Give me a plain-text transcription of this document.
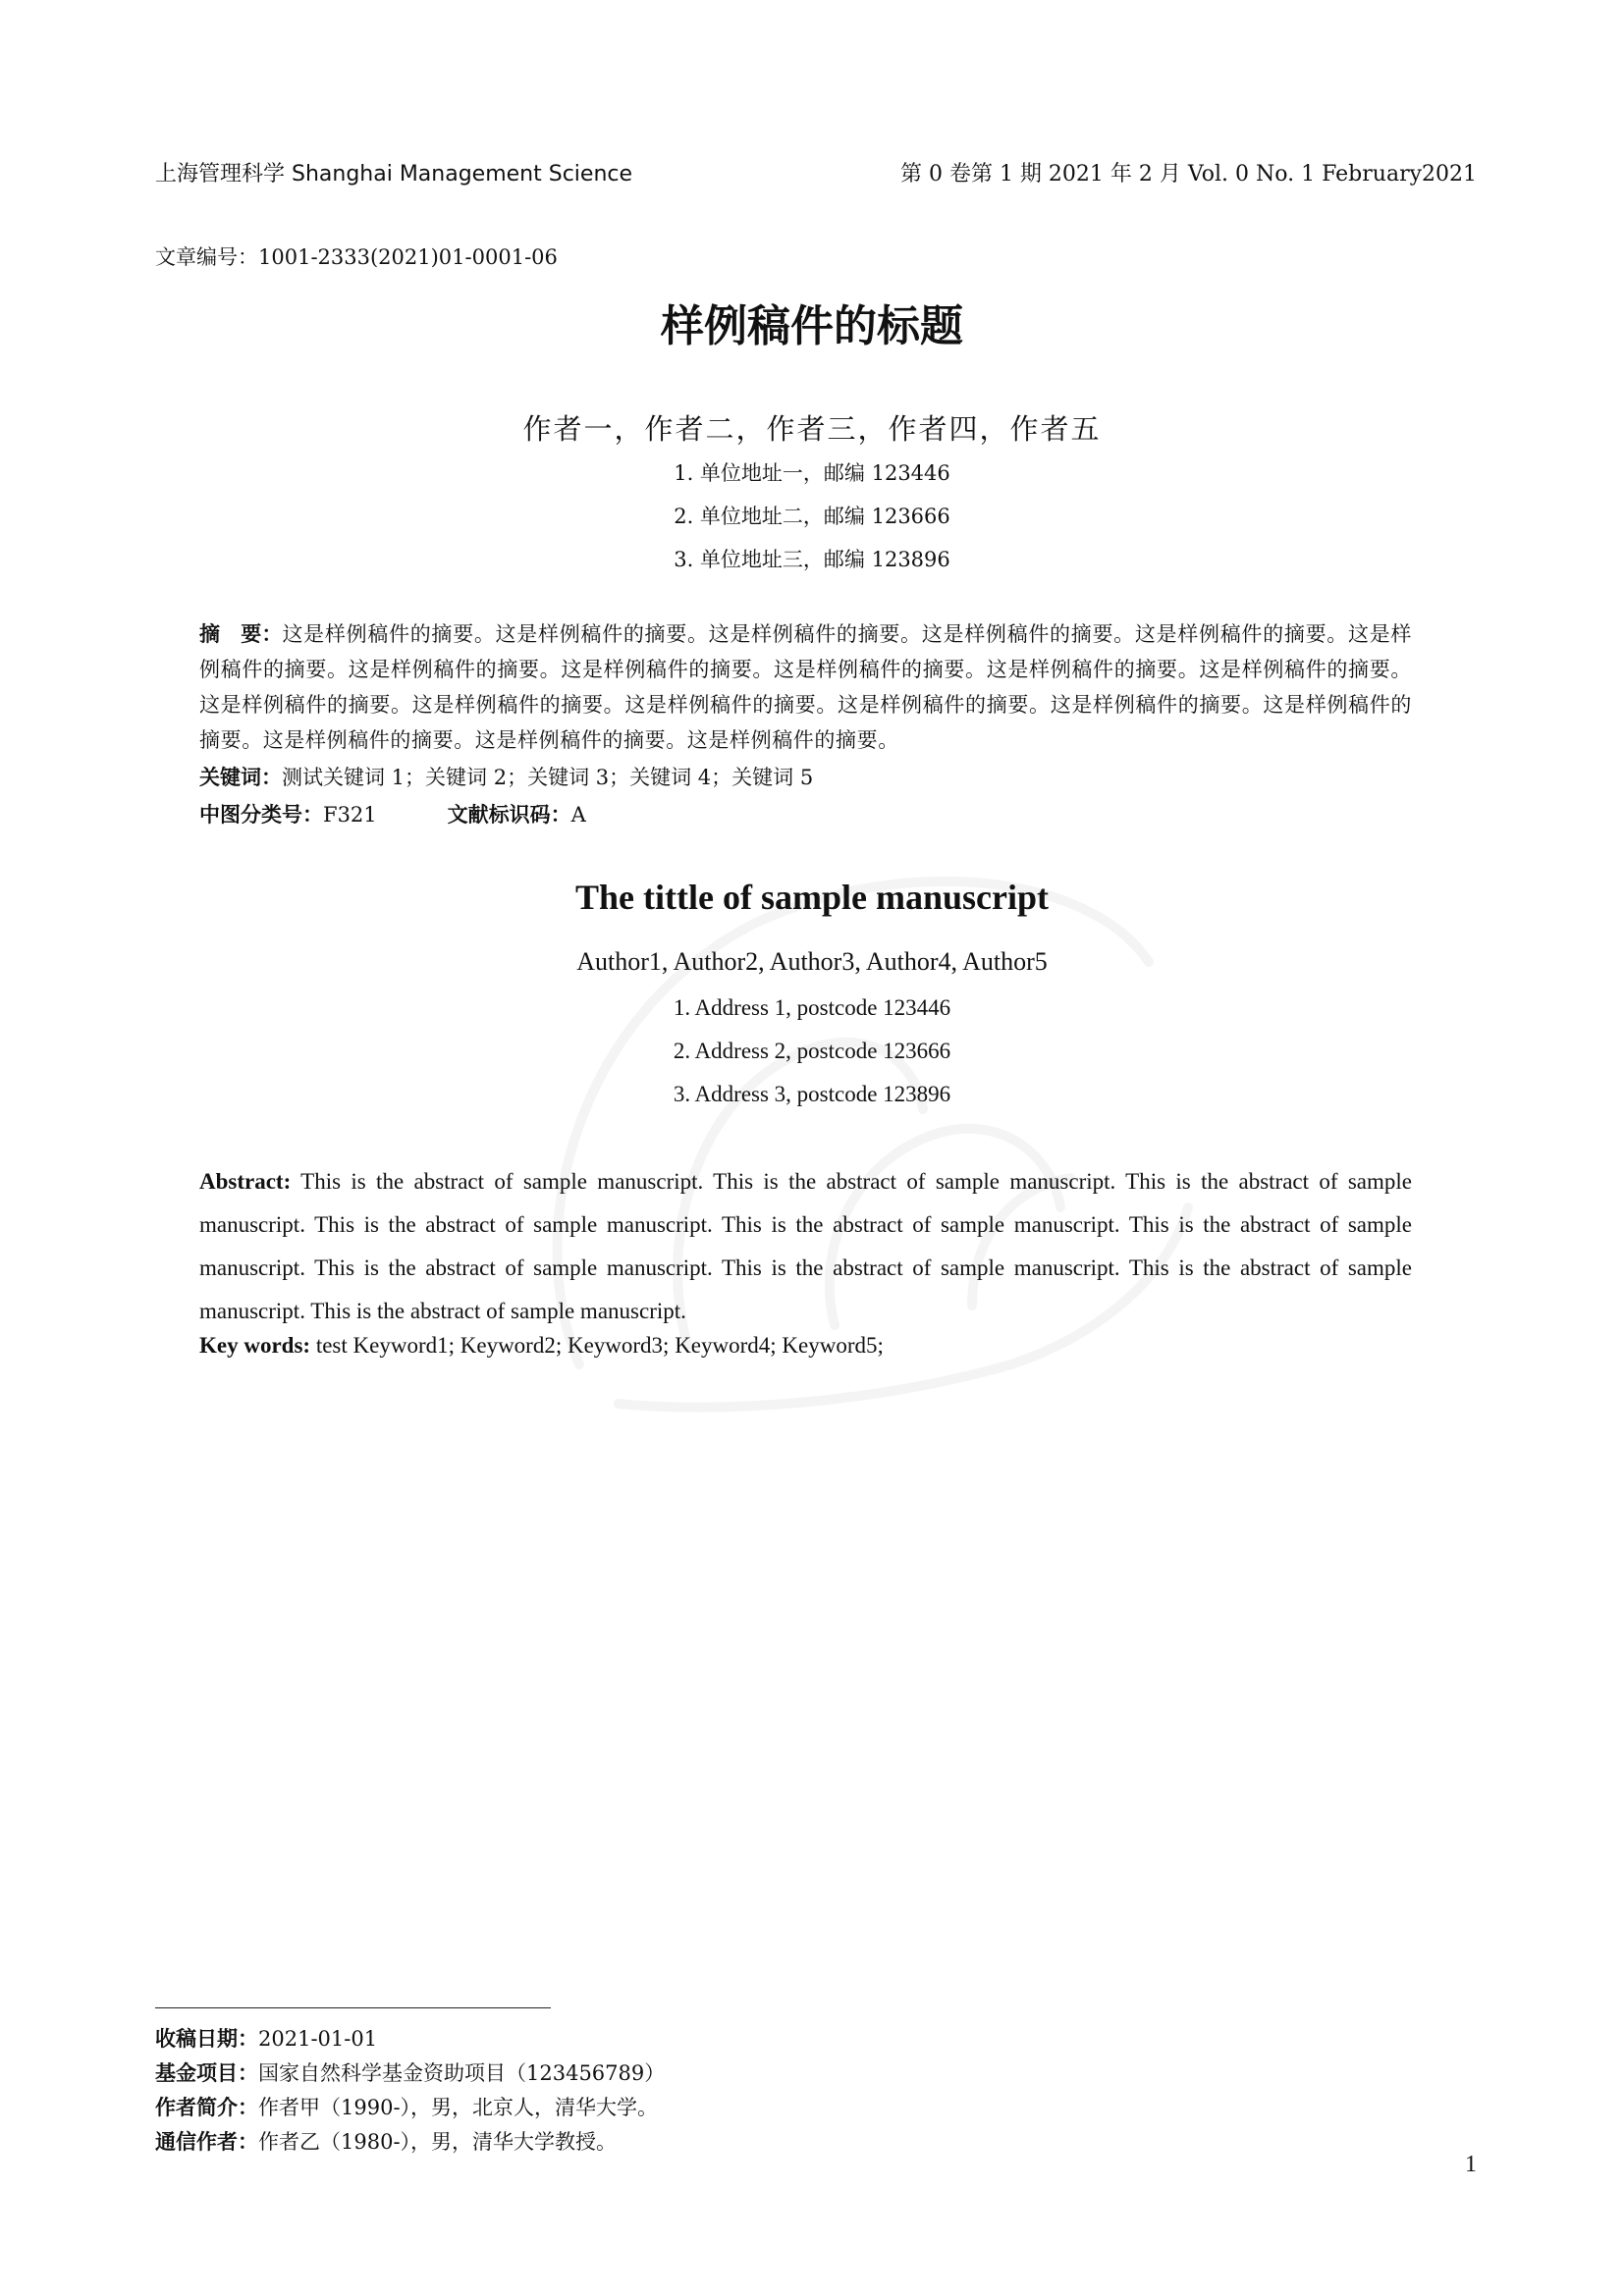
上海管理科学 Shanghai Management Science	第 0 卷第 1 期 2021 年 2 月 Vol. 0 No. 1 February2021
文章编号：1001-2333(2021)01-0001-06
样例稿件的标题
作者一，作者二，作者三，作者四，作者五
1. 单位地址一，邮编 123446
2. 单位地址二，邮编 123666
3. 单位地址三，邮编 123896
摘　要：这是样例稿件的摘要。这是样例稿件的摘要。这是样例稿件的摘要。这是样例稿件的摘要。这是样例稿件的摘要。这是样例稿件的摘要。这是样例稿件的摘要。这是样例稿件的摘要。这是样例稿件的摘要。这是样例稿件的摘要。这是样例稿件的摘要。这是样例稿件的摘要。这是样例稿件的摘要。这是样例稿件的摘要。这是样例稿件的摘要。这是样例稿件的摘要。这是样例稿件的摘要。这是样例稿件的摘要。这是样例稿件的摘要。这是样例稿件的摘要。
关键词：测试关键词 1；关键词 2；关键词 3；关键词 4；关键词 5
中图分类号：F321	文献标识码：A
The tittle of sample manuscript
Author1, Author2, Author3, Author4, Author5
1. Address 1, postcode 123446
2. Address 2, postcode 123666
3. Address 3, postcode 123896
Abstract: This is the abstract of sample manuscript. This is the abstract of sample manuscript. This is the abstract of sample manuscript. This is the abstract of sample manuscript. This is the abstract of sample manuscript. This is the abstract of sample manuscript. This is the abstract of sample manuscript. This is the abstract of sample manuscript. This is the abstract of sample manuscript. This is the abstract of sample manuscript.
Key words: test Keyword1; Keyword2; Keyword3; Keyword4; Keyword5;
收稿日期：2021-01-01
基金项目：国家自然科学基金资助项目（123456789）
作者简介：作者甲（1990-），男，北京人，清华大学。
通信作者：作者乙（1980-），男，清华大学教授。
1
